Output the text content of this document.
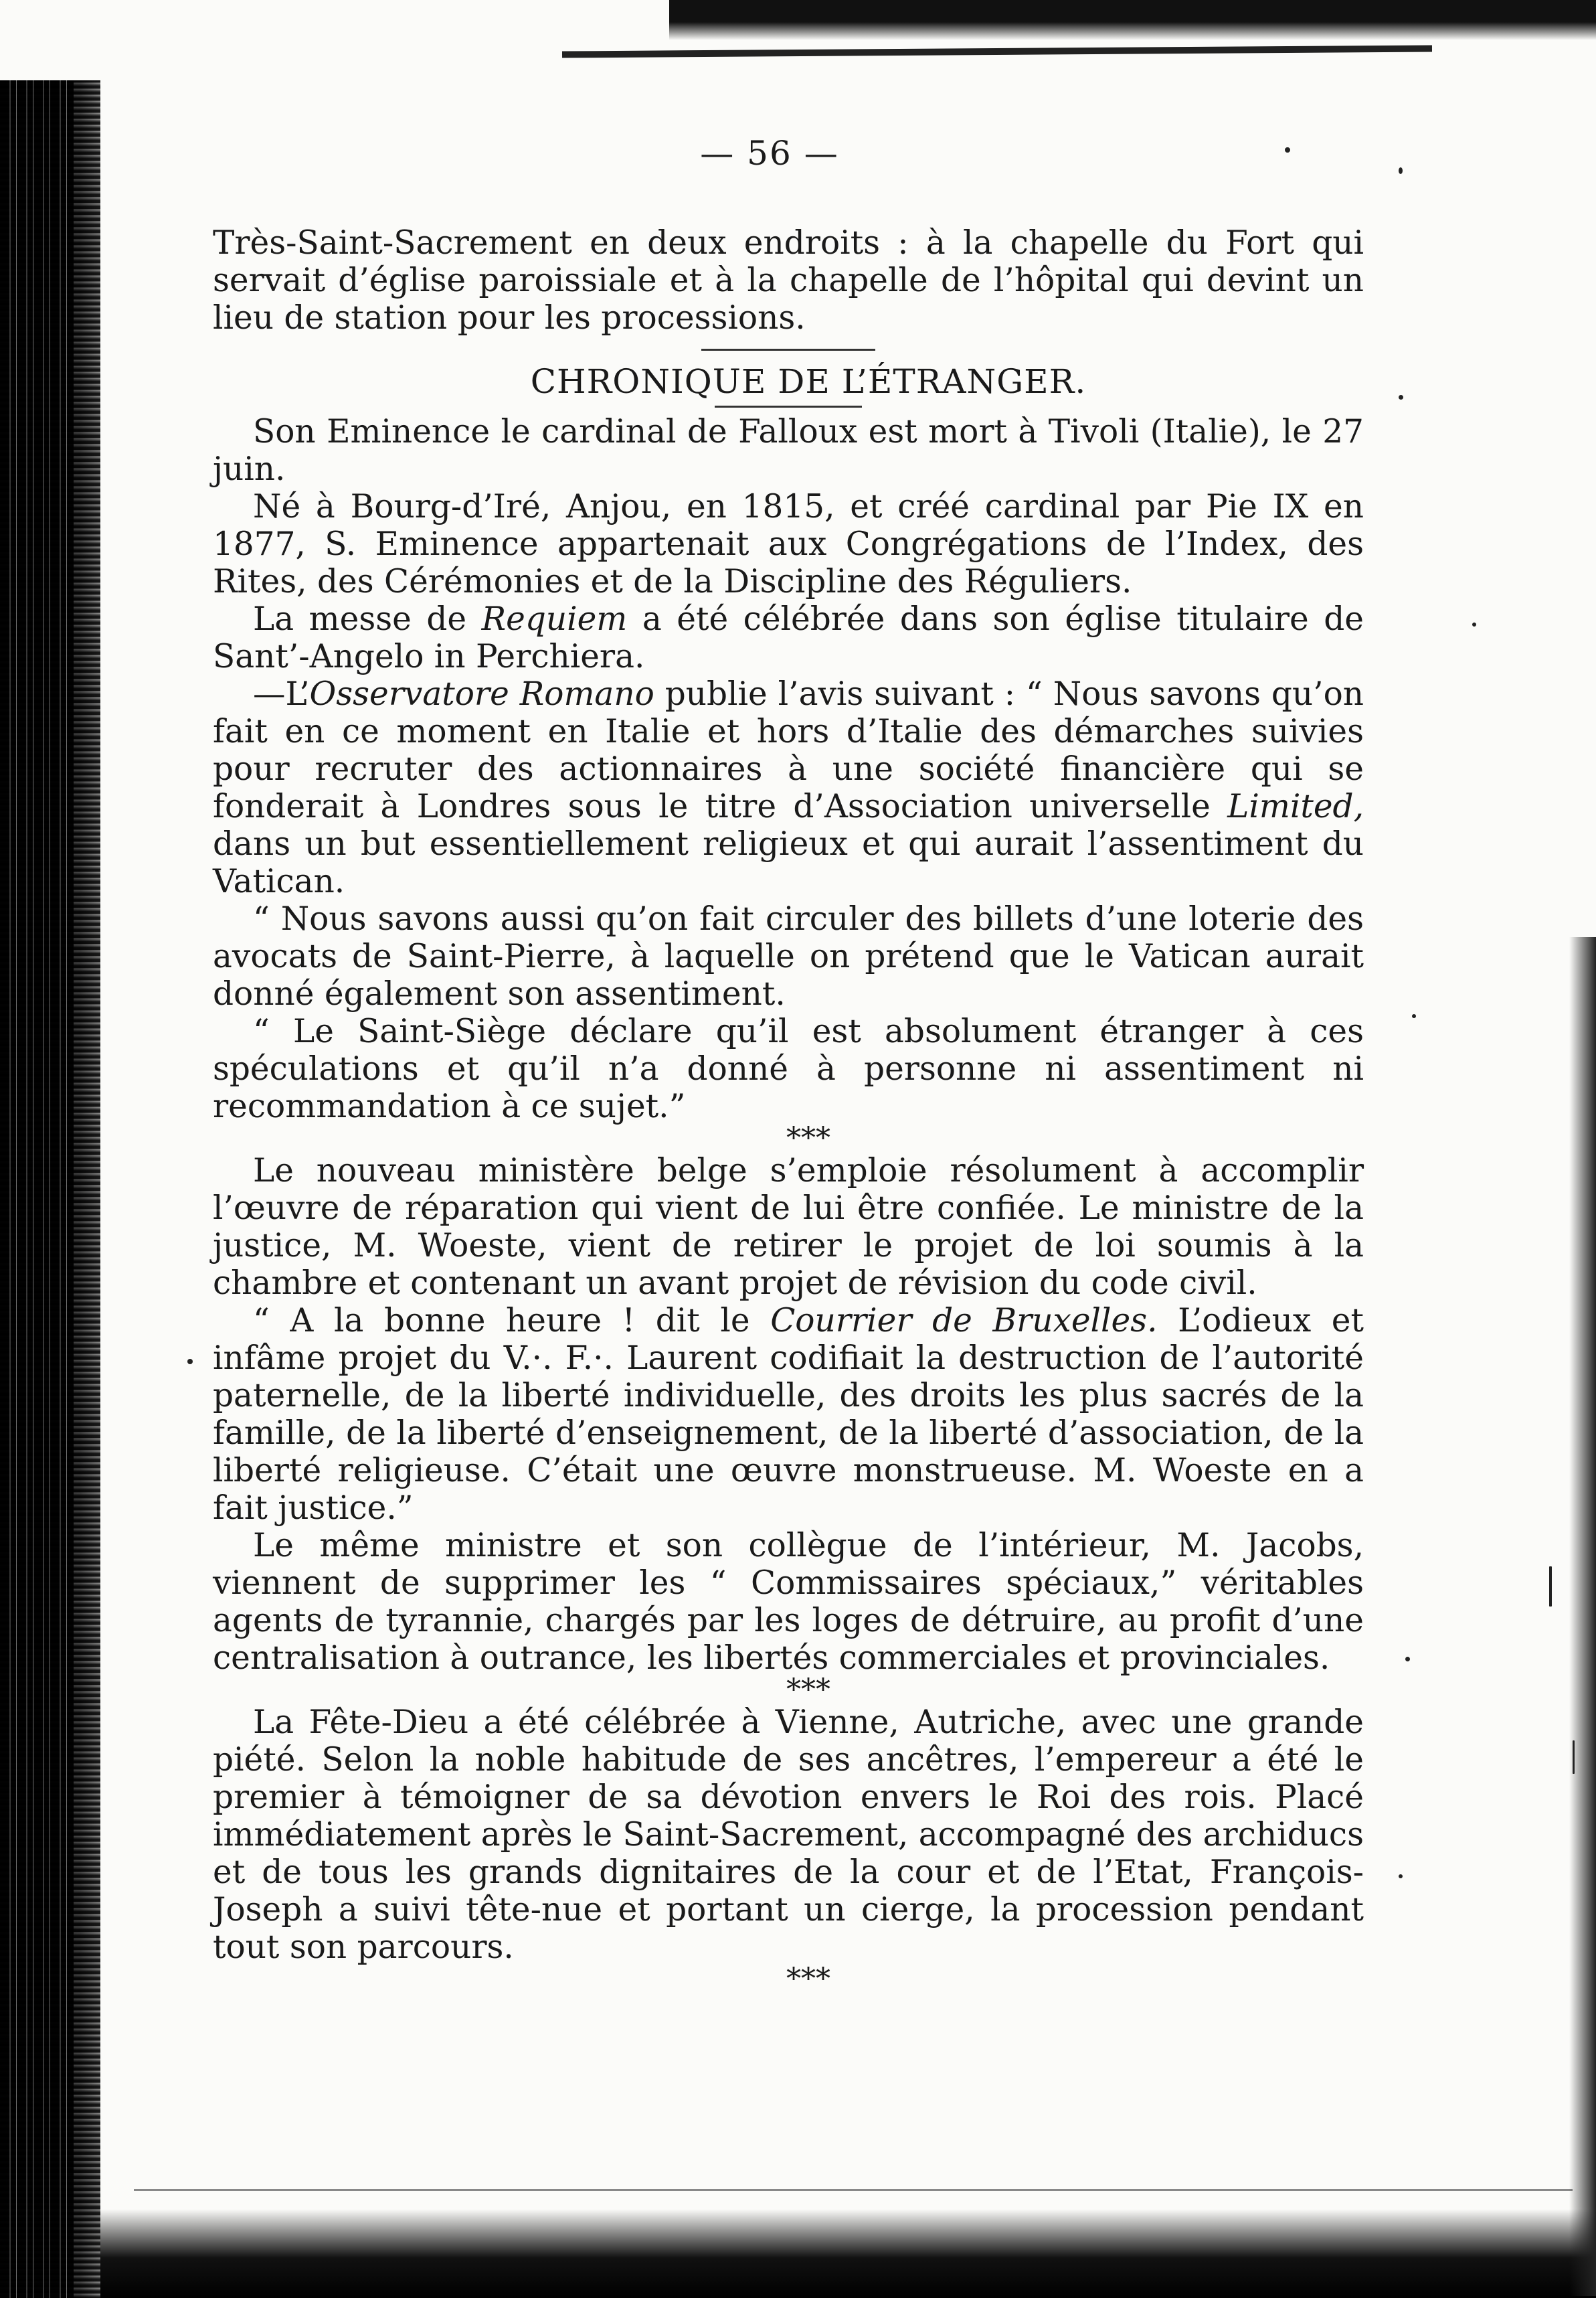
— 56 —

Très-Saint-Sacrement en deux endroits : à la chapelle du Fort qui servait d’église paroissiale et à la chapelle de l’hôpital qui devint un lieu de station pour les processions.

CHRONIQUE DE L’ÉTRANGER.

Son Eminence le cardinal de Falloux est mort à Tivoli (Italie), le 27 juin.

Né à Bourg-d’Iré, Anjou, en 1815, et créé cardinal par Pie IX en 1877, S. Eminence appartenait aux Congrégations de l’Index, des Rites, des Cérémonies et de la Discipline des Réguliers.

La messe de Requiem a été célébrée dans son église titulaire de Sant’-Angelo in Perchiera.

—L’Osservatore Romano publie l’avis suivant : “ Nous savons qu’on fait en ce moment en Italie et hors d’Italie des démarches suivies pour recruter des actionnaires à une société financière qui se fonderait à Londres sous le titre d’Association universelle Limited, dans un but essentiellement religieux et qui aurait l’assentiment du Vatican.

“ Nous savons aussi qu’on fait circuler des billets d’une loterie des avocats de Saint-Pierre, à laquelle on prétend que le Vatican aurait donné également son assentiment.

“ Le Saint-Siège déclare qu’il est absolument étranger à ces spéculations et qu’il n’a donné à personne ni assentiment ni recommandation à ce sujet.”

***

Le nouveau ministère belge s’emploie résolument à accomplir l’œuvre de réparation qui vient de lui être confiée. Le ministre de la justice, M. Woeste, vient de retirer le projet de loi soumis à la chambre et contenant un avant projet de révision du code civil.

“ A la bonne heure ! dit le Courrier de Bruxelles. L’odieux et infâme projet du V.·. F.·. Laurent codifiait la destruction de l’autorité paternelle, de la liberté individuelle, des droits les plus sacrés de la famille, de la liberté d’enseignement, de la liberté d’association, de la liberté religieuse. C’était une œuvre monstrueuse. M. Woeste en a fait justice.”

Le même ministre et son collègue de l’intérieur, M. Jacobs, viennent de supprimer les “ Commissaires spéciaux,” véritables agents de tyrannie, chargés par les loges de détruire, au profit d’une centralisation à outrance, les libertés commerciales et provinciales.

***

La Fête-Dieu a été célébrée à Vienne, Autriche, avec une grande piété. Selon la noble habitude de ses ancêtres, l’empereur a été le premier à témoigner de sa dévotion envers le Roi des rois. Placé immédiatement après le Saint-Sacrement, accompagné des archiducs et de tous les grands dignitaires de la cour et de l’Etat, François-Joseph a suivi tête-nue et portant un cierge, la procession pendant tout son parcours.

***
